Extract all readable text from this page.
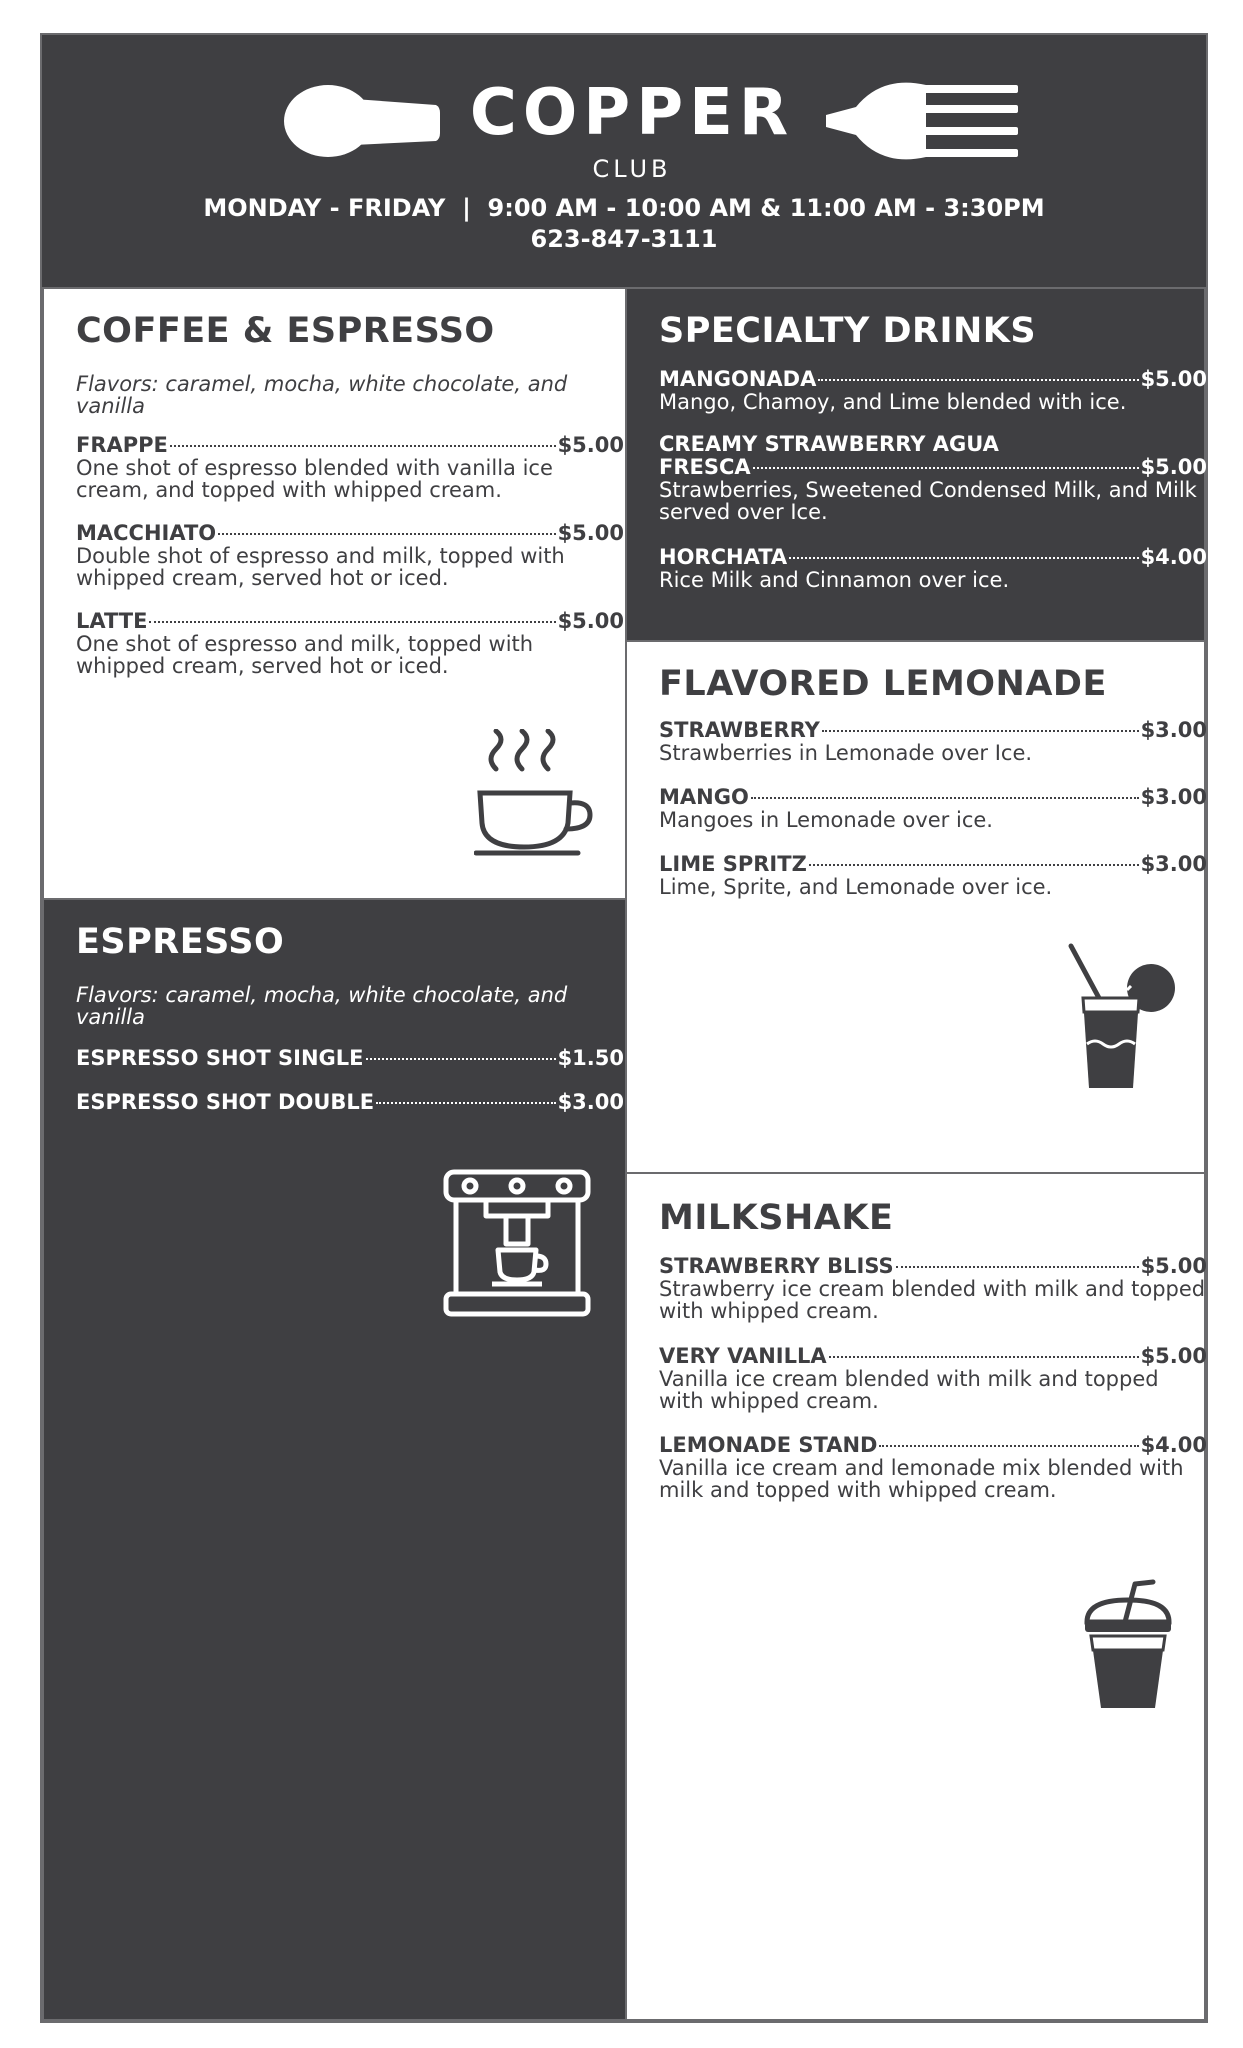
COPPER
CLUB
MONDAY - FRIDAY  |  9:00 AM - 10:00 AM & 11:00 AM - 3:30PM
623-847-3111
COFFEE & ESPRESSO
Flavors: caramel, mocha, white chocolate, and vanilla
FRAPPE	$5.00
One shot of espresso blended with vanilla ice cream, and topped with whipped cream.
MACCHIATO	$5.00
Double shot of espresso and milk, topped with whipped cream, served hot or iced.
LATTE	$5.00
One shot of espresso and milk, topped with whipped cream, served hot or iced.
ESPRESSO
Flavors: caramel, mocha, white chocolate, and vanilla
ESPRESSO SHOT SINGLE	$1.50
ESPRESSO SHOT DOUBLE	$3.00
SPECIALTY DRINKS
MANGONADA	$5.00
Mango, Chamoy, and Lime blended with ice.
CREAMY STRAWBERRY AGUA
FRESCA	$5.00
Strawberries, Sweetened Condensed Milk, and Milk served over Ice.
HORCHATA	$4.00
Rice Milk and Cinnamon over ice.
FLAVORED LEMONADE
STRAWBERRY	$3.00
Strawberries in Lemonade over Ice.
MANGO	$3.00
Mangoes in Lemonade over ice.
LIME SPRITZ	$3.00
Lime, Sprite, and Lemonade over ice.
MILKSHAKE
STRAWBERRY BLISS	$5.00
Strawberry ice cream blended with milk and topped with whipped cream.
VERY VANILLA	$5.00
Vanilla ice cream blended with milk and topped with whipped cream.
LEMONADE STAND	$4.00
Vanilla ice cream and lemonade mix blended with milk and topped with whipped cream.
